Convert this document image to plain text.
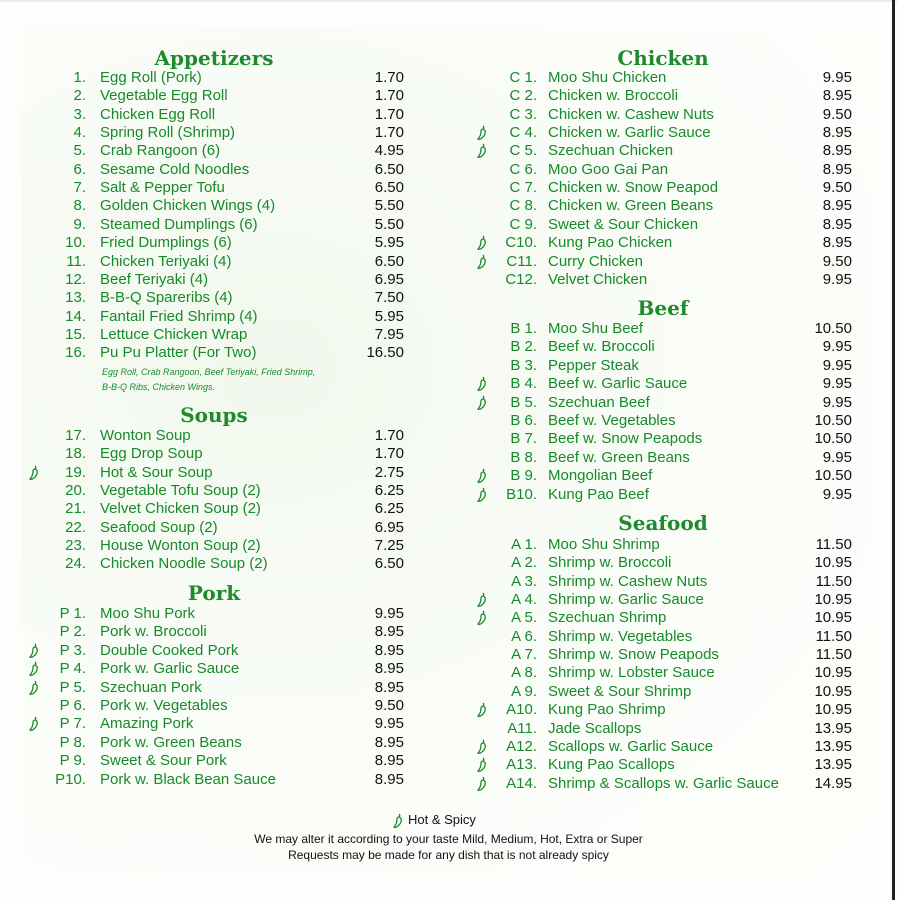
Appetizers
1. Egg Roll (Pork)	1.70
2. Vegetable Egg Roll	1.70
3. Chicken Egg Roll	1.70
4. Spring Roll (Shrimp)	1.70
5. Crab Rangoon (6)	4.95
6. Sesame Cold Noodles	6.50
7. Salt & Pepper Tofu	6.50
8. Golden Chicken Wings (4)	5.50
9. Steamed Dumplings (6)	5.50
10. Fried Dumplings (6)	5.95
11. Chicken Teriyaki (4)	6.50
12. Beef Teriyaki (4)	6.95
13. B-B-Q Spareribs (4)	7.50
14. Fantail Fried Shrimp (4)	5.95
15. Lettuce Chicken Wrap	7.95
16. Pu Pu Platter (For Two)	16.50
Soups
17. Wonton Soup	1.70
18. Egg Drop Soup	1.70
19. Hot & Sour Soup	2.75
20. Vegetable Tofu Soup (2)	6.25
21. Velvet Chicken Soup (2)	6.25
22. Seafood Soup (2)	6.95
23. House Wonton Soup (2)	7.25
24. Chicken Noodle Soup (2)	6.50
Pork
P 1. Moo Shu Pork	9.95
P 2. Pork w. Broccoli	8.95
P 3. Double Cooked Pork	8.95
P 4. Pork w. Garlic Sauce	8.95
P 5. Szechuan Pork	8.95
P 6. Pork w. Vegetables	9.50
P 7. Amazing Pork	9.95
P 8. Pork w. Green Beans	8.95
P 9. Sweet & Sour Pork	8.95
P10. Pork w. Black Bean Sauce	8.95
Chicken
C 1. Moo Shu Chicken	9.95
C 2. Chicken w. Broccoli	8.95
C 3. Chicken w. Cashew Nuts	9.50
C 4. Chicken w. Garlic Sauce	8.95
C 5. Szechuan Chicken	8.95
C 6. Moo Goo Gai Pan	8.95
C 7. Chicken w. Snow Peapod	9.50
C 8. Chicken w. Green Beans	8.95
C 9. Sweet & Sour Chicken	8.95
C10. Kung Pao Chicken	8.95
C11. Curry Chicken	9.50
C12. Velvet Chicken	9.95
Beef
B 1. Moo Shu Beef	10.50
B 2. Beef w. Broccoli	9.95
B 3. Pepper Steak	9.95
B 4. Beef w. Garlic Sauce	9.95
B 5. Szechuan Beef	9.95
B 6. Beef w. Vegetables	10.50
B 7. Beef w. Snow Peapods	10.50
B 8. Beef w. Green Beans	9.95
B 9. Mongolian Beef	10.50
B10. Kung Pao Beef	9.95
Seafood
A 1. Moo Shu Shrimp	11.50
A 2. Shrimp w. Broccoli	10.95
A 3. Shrimp w. Cashew Nuts	11.50
A 4. Shrimp w. Garlic Sauce	10.95
A 5. Szechuan Shrimp	10.95
A 6. Shrimp w. Vegetables	11.50
A 7. Shrimp w. Snow Peapods	11.50
A 8. Shrimp w. Lobster Sauce	10.95
A 9. Sweet & Sour Shrimp	10.95
A10. Kung Pao Shrimp	10.95
A11. Jade Scallops	13.95
A12. Scallops w. Garlic Sauce	13.95
A13. Kung Pao Scallops	13.95
A14. Shrimp & Scallops w. Garlic Sauce	14.95
Egg Roll, Crab Rangoon, Beef Teriyaki, Fried Shrimp,
B-B-Q Ribs, Chicken Wings.
Hot & Spicy
We may alter it according to your taste Mild, Medium, Hot, Extra or Super
Requests may be made for any dish that is not already spicy
